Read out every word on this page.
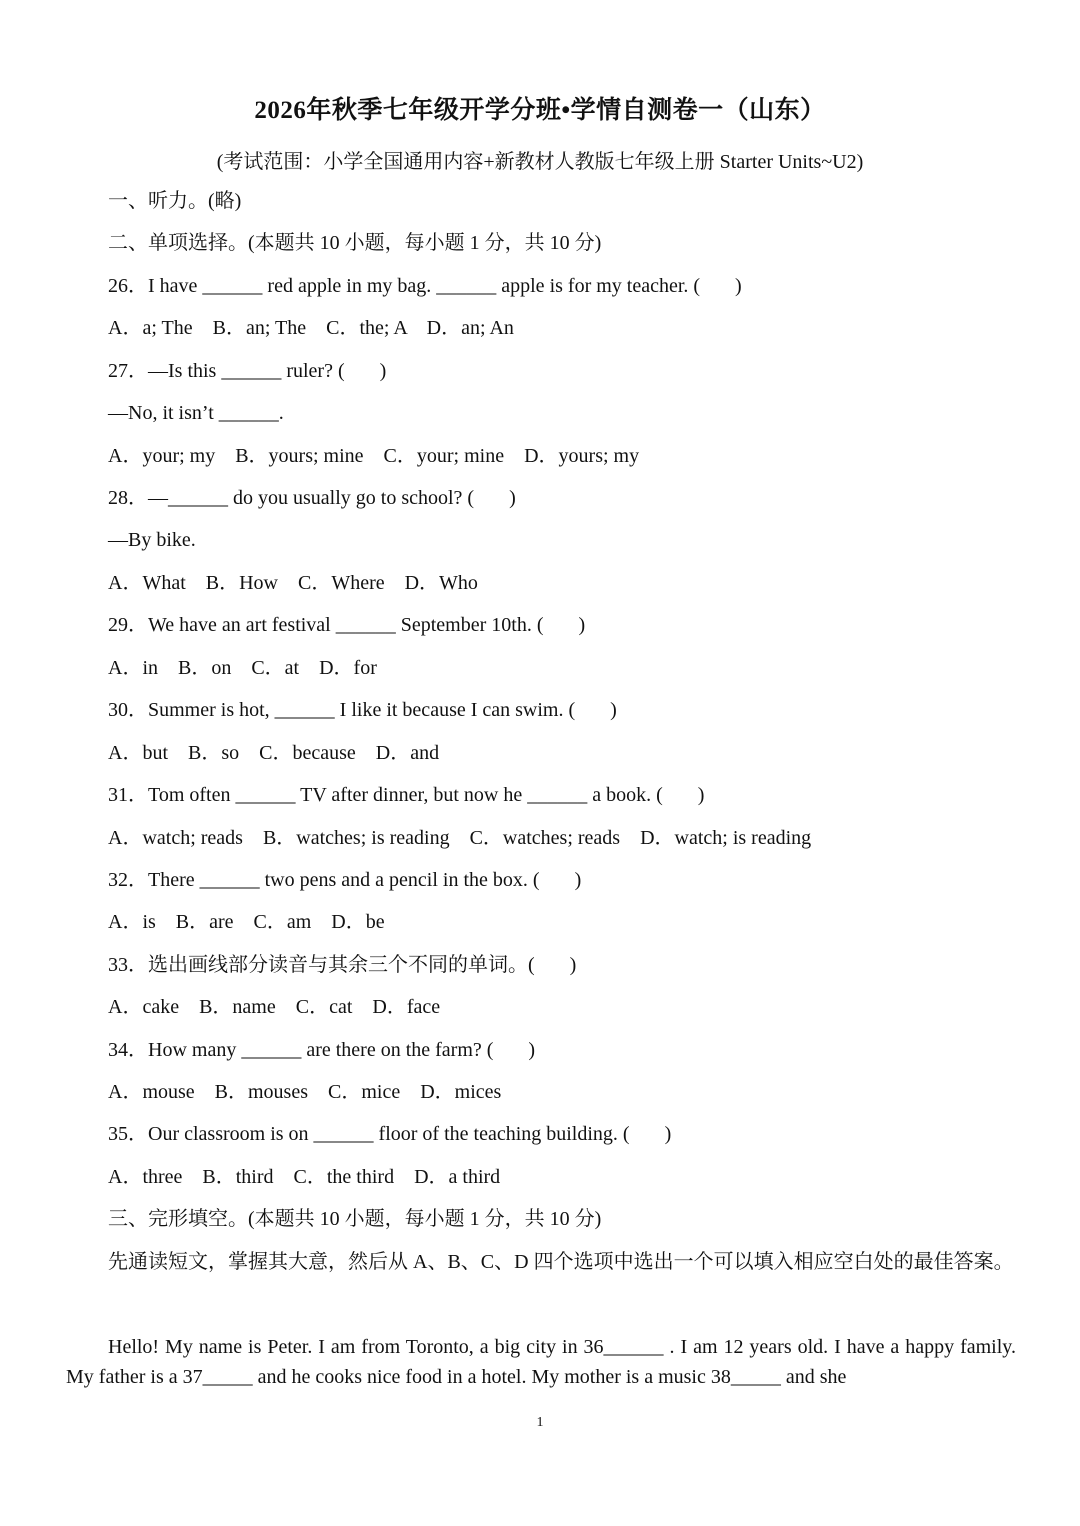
2026年秋季七年级开学分班•学情自测卷一（山东）
(考试范围：小学全国通用内容+新教材人教版七年级上册 Starter Units~U2)
一、听力。(略)
二、单项选择。(本题共 10 小题，每小题 1 分，共 10 分)
26．I have ______ red apple in my bag. ______ apple is for my teacher. (       )
A．a; The    B．an; The    C．the; A    D．an; An
27．—Is this ______ ruler? (       )
—No, it isn’t ______.
A．your; my    B．yours; mine    C．your; mine    D．yours; my
28．—______ do you usually go to school? (       )
—By bike.
A．What    B．How    C．Where    D．Who
29．We have an art festival ______ September 10th. (       )
A．in    B．on    C．at    D．for
30．Summer is hot, ______ I like it because I can swim. (       )
A．but    B．so    C．because    D．and
31．Tom often ______ TV after dinner, but now he ______ a book. (       )
A．watch; reads    B．watches; is reading    C．watches; reads    D．watch; is reading
32．There ______ two pens and a pencil in the box. (       )
A．is    B．are    C．am    D．be
33．选出画线部分读音与其余三个不同的单词。(       )
A．cake    B．name    C．cat    D．face
34．How many ______ are there on the farm? (       )
A．mouse    B．mouses    C．mice    D．mices
35．Our classroom is on ______ floor of the teaching building. (       )
A．three    B．third    C．the third    D．a third
三、完形填空。(本题共 10 小题，每小题 1 分，共 10 分)
先通读短文，掌握其大意，然后从 A、B、C、D 四个选项中选出一个可以填入相应空白处的最佳答案。
Hello! My name is Peter. I am from Toronto, a big city in 36______ . I am 12 years old. I have a happy family. My father is a 37_____ and he cooks nice food in a hotel. My mother is a music 38_____ and she
1
